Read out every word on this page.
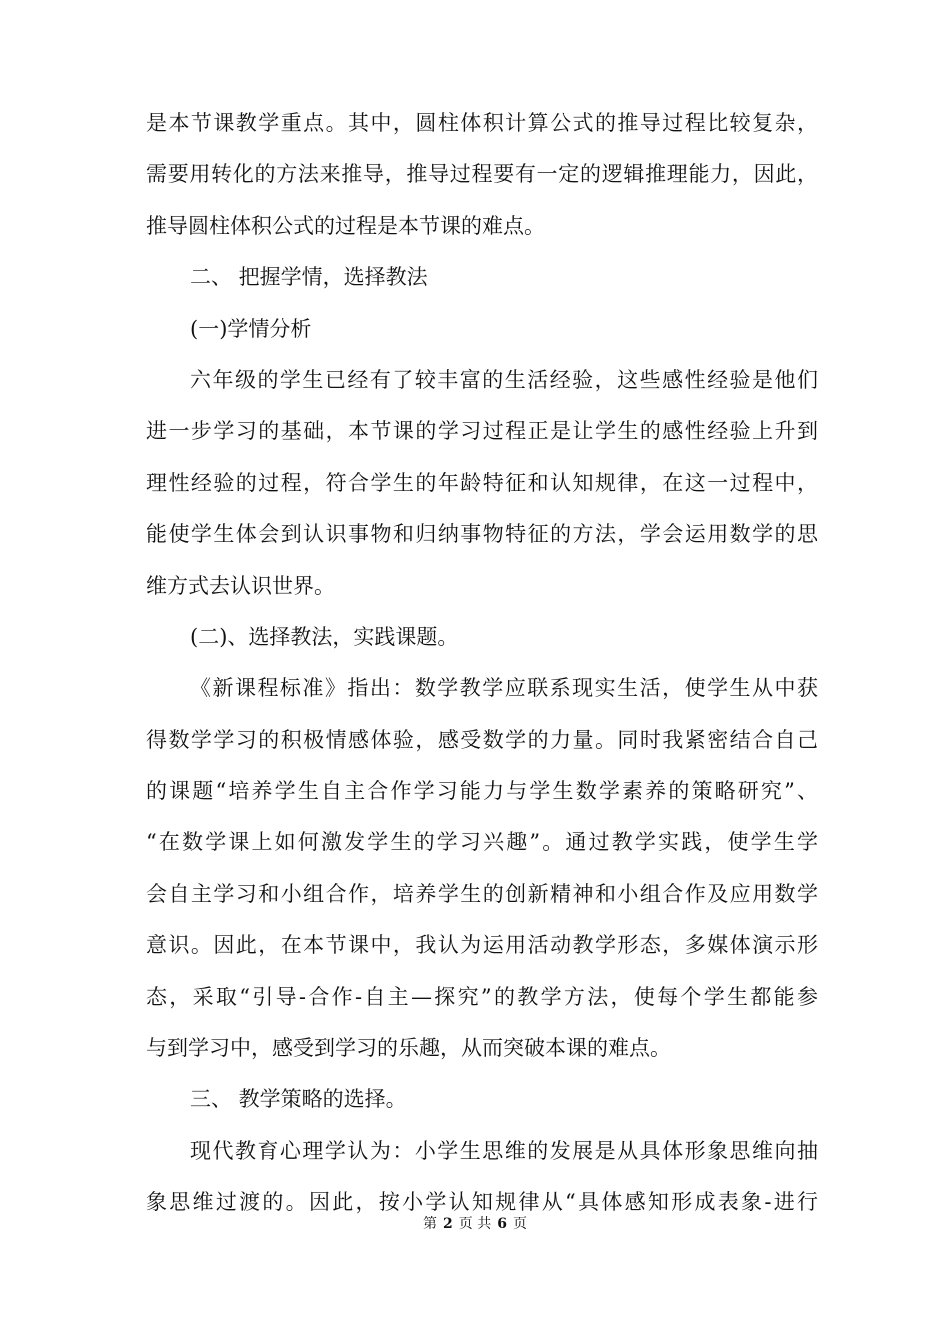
是本节课教学重点。其中，圆柱体积计算公式的推导过程比较复杂，
需要用转化的方法来推导，推导过程要有一定的逻辑推理能力，因此，
推导圆柱体积公式的过程是本节课的难点。
二、 把握学情，选择教法
(一)学情分析
六年级的学生已经有了较丰富的生活经验，这些感性经验是他们
进一步学习的基础，本节课的学习过程正是让学生的感性经验上升到
理性经验的过程，符合学生的年龄特征和认知规律，在这一过程中，
能使学生体会到认识事物和归纳事物特征的方法，学会运用数学的思
维方式去认识世界。
(二)、选择教法，实践课题。
《新课程标准》指出：数学教学应联系现实生活，使学生从中获
得数学学习的积极情感体验，感受数学的力量。同时我紧密结合自己
的课题“培养学生自主合作学习能力与学生数学素养的策略研究”、
“在数学课上如何激发学生的学习兴趣”。通过教学实践，使学生学
会自主学习和小组合作，培养学生的创新精神和小组合作及应用数学
意识。因此，在本节课中，我认为运用活动教学形态，多媒体演示形
态，采取“引导-合作-自主—探究”的教学方法，使每个学生都能参
与到学习中，感受到学习的乐趣，从而突破本课的难点。
三、 教学策略的选择。
现代教育心理学认为：小学生思维的发展是从具体形象思维向抽
象思维过渡的。因此，按小学认知规律从“具体感知形成表象-进行
第 2 页 共 6 页
